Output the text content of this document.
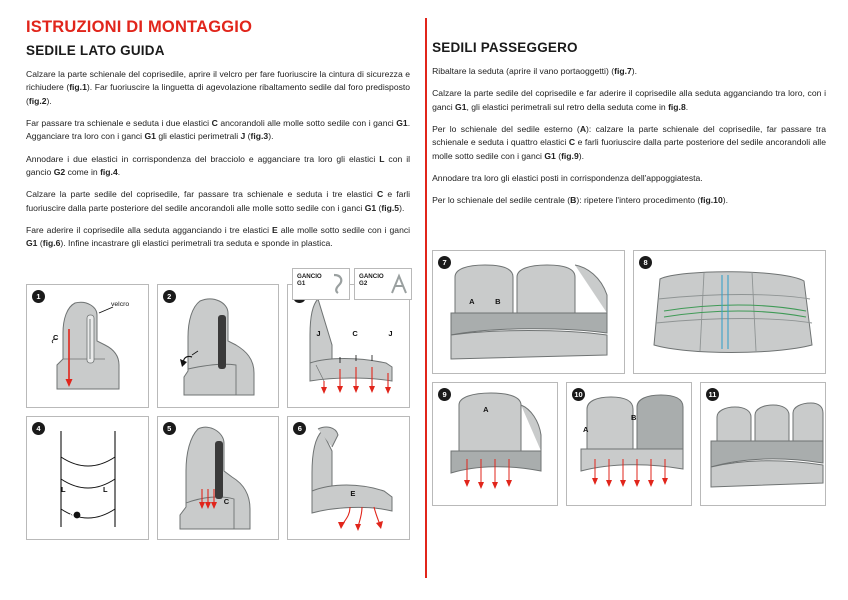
ISTRUZIONI DI MONTAGGIO
SEDILE LATO GUIDA

Calzare la parte schienale del coprisedile, aprire il velcro per fare fuoriuscire la cintura di sicurezza e richiudere (fig.1). Far fuoriuscire la linguetta di agevolazione ribaltamento sedile dal foro predisposto (fig.2).

Far passare tra schienale e seduta i due elastici C ancorandoli alle molle sotto sedile con i ganci G1. Agganciare tra loro con i ganci G1 gli elastici perimetrali J (fig.3).

Annodare i due elastici in corrispondenza del bracciolo e agganciare tra loro gli elastici L con il gancio G2 come in fig.4.

Calzare la parte sedile del coprisedile, far passare tra schienale e seduta i tre elastici C e farli fuoriuscire dalla parte posteriore del sedile ancorandoli alle molle sotto sedile con i ganci G1 (fig.5).

Fare aderire il coprisedile alla seduta agganciando i tre elastici E alle molle sotto sedile con i ganci G1 (fig.6). Infine incastrare gli elastici perimetrali tra seduta e sponde in plastica.

GANCIO
G1
GANCIO
G2
1
velcro
C
2
J	C	J
4
L	L
X
5
C
6
E
SEDILI PASSEGGERO

Ribaltare la seduta (aprire il vano portaoggetti) (fig.7).

Calzare la parte sedile del coprisedile e far aderire il coprisedile alla seduta agganciando tra loro, con i ganci G1, gli elastici perimetrali sul retro della seduta come in fig.8.

Per lo schienale del sedile esterno (A): calzare la parte schienale del coprisedile, far passare tra schienale e seduta i quattro elastici C e farli fuoriuscire dalla parte posteriore del sedile ancorandoli alle molle sotto sedile con i ganci G1 (fig.9).

Annodare tra loro gli elastici posti in corrispondenza dell'appoggiatesta.

Per lo schienale del sedile centrale (B): ripetere l'intero procedimento (fig.10).

7
A	B
8
9
A
10
A
B
11
